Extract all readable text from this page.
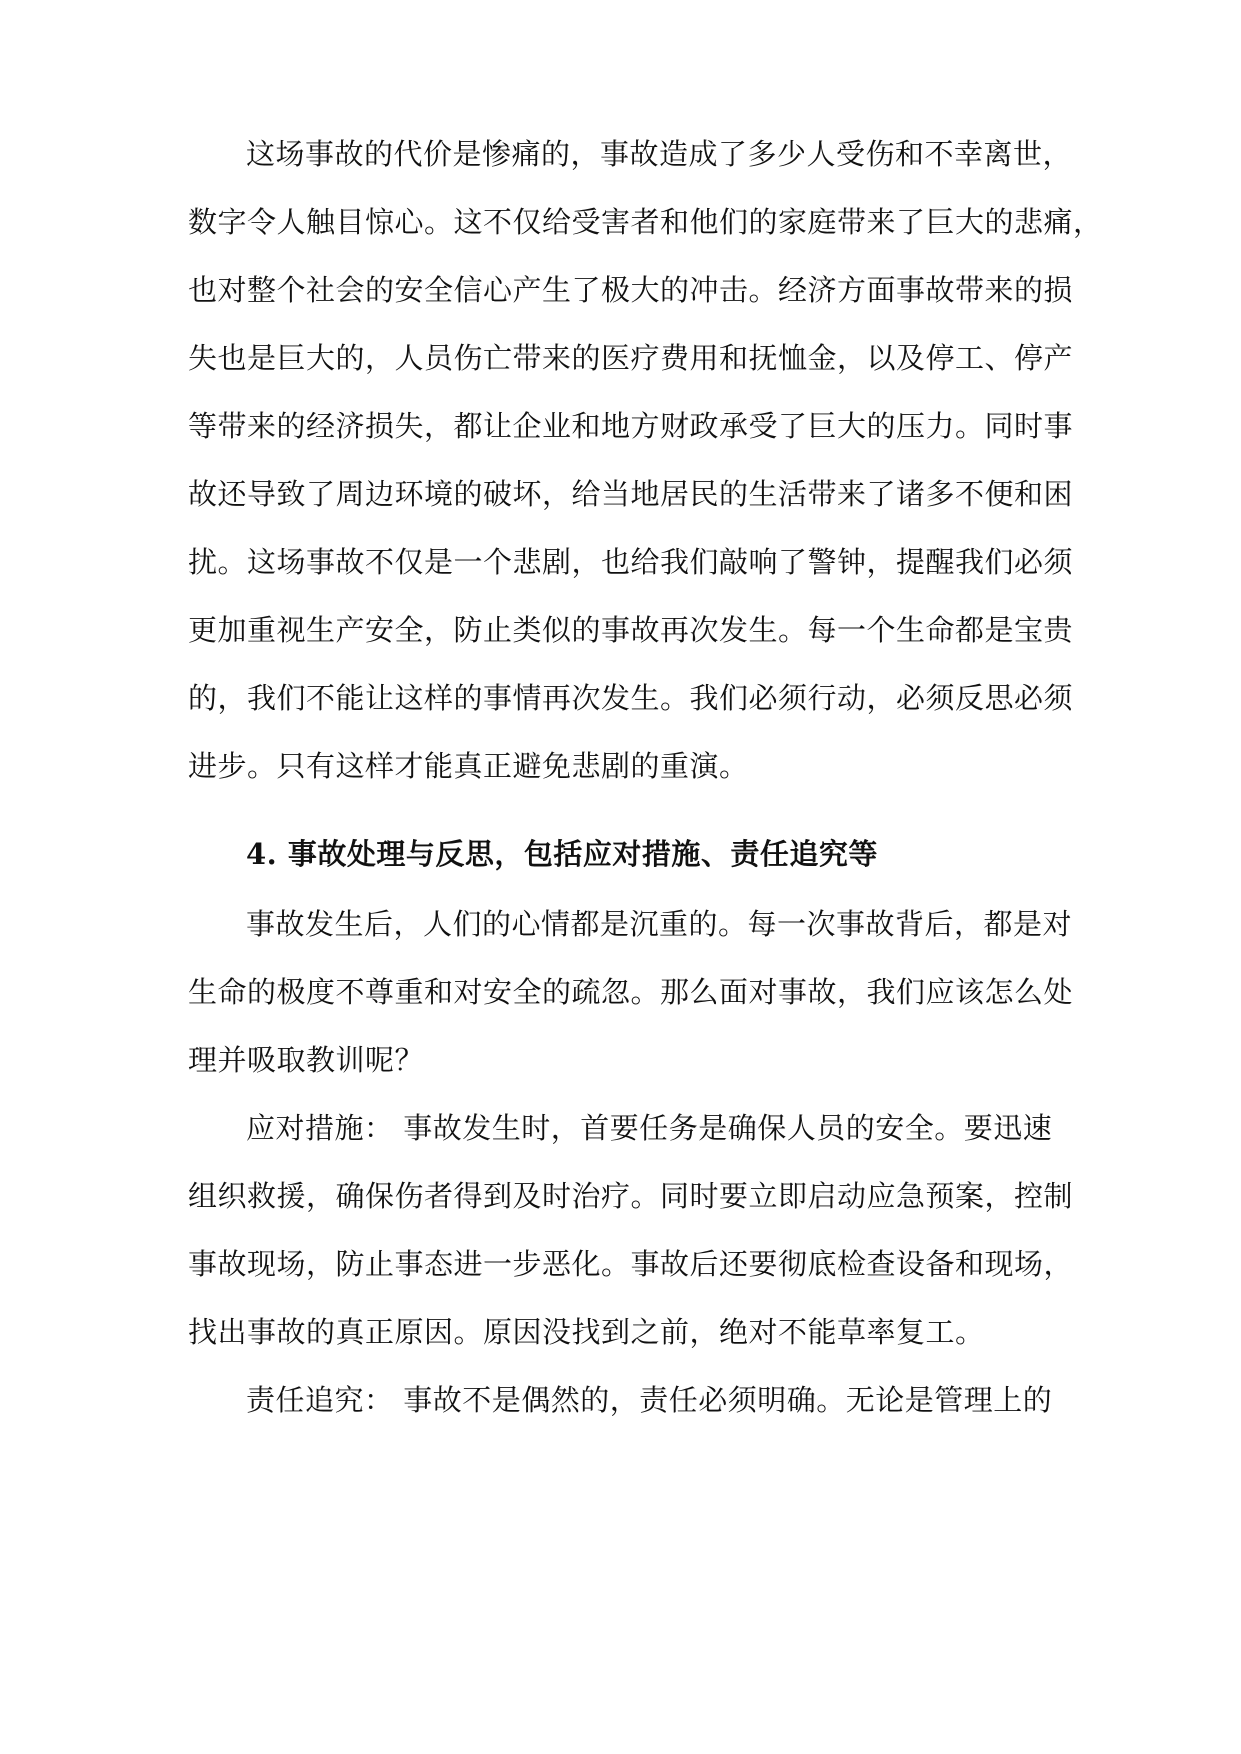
这场事故的代价是惨痛的，事故造成了多少人受伤和不幸离世，
数字令人触目惊心。这不仅给受害者和他们的家庭带来了巨大的悲痛，
也对整个社会的安全信心产生了极大的冲击。经济方面事故带来的损
失也是巨大的，人员伤亡带来的医疗费用和抚恤金，以及停工、停产
等带来的经济损失，都让企业和地方财政承受了巨大的压力。同时事
故还导致了周边环境的破坏，给当地居民的生活带来了诸多不便和困
扰。这场事故不仅是一个悲剧，也给我们敲响了警钟，提醒我们必须
更加重视生产安全，防止类似的事故再次发生。每一个生命都是宝贵
的，我们不能让这样的事情再次发生。我们必须行动，必须反思必须
进步。只有这样才能真正避免悲剧的重演。
4. 事故处理与反思，包括应对措施、责任追究等
事故发生后，人们的心情都是沉重的。每一次事故背后，都是对
生命的极度不尊重和对安全的疏忽。那么面对事故，我们应该怎么处
理并吸取教训呢？
应对措施： 事故发生时，首要任务是确保人员的安全。要迅速
组织救援，确保伤者得到及时治疗。同时要立即启动应急预案，控制
事故现场，防止事态进一步恶化。事故后还要彻底检查设备和现场，
找出事故的真正原因。原因没找到之前，绝对不能草率复工。
责任追究： 事故不是偶然的，责任必须明确。无论是管理上的
